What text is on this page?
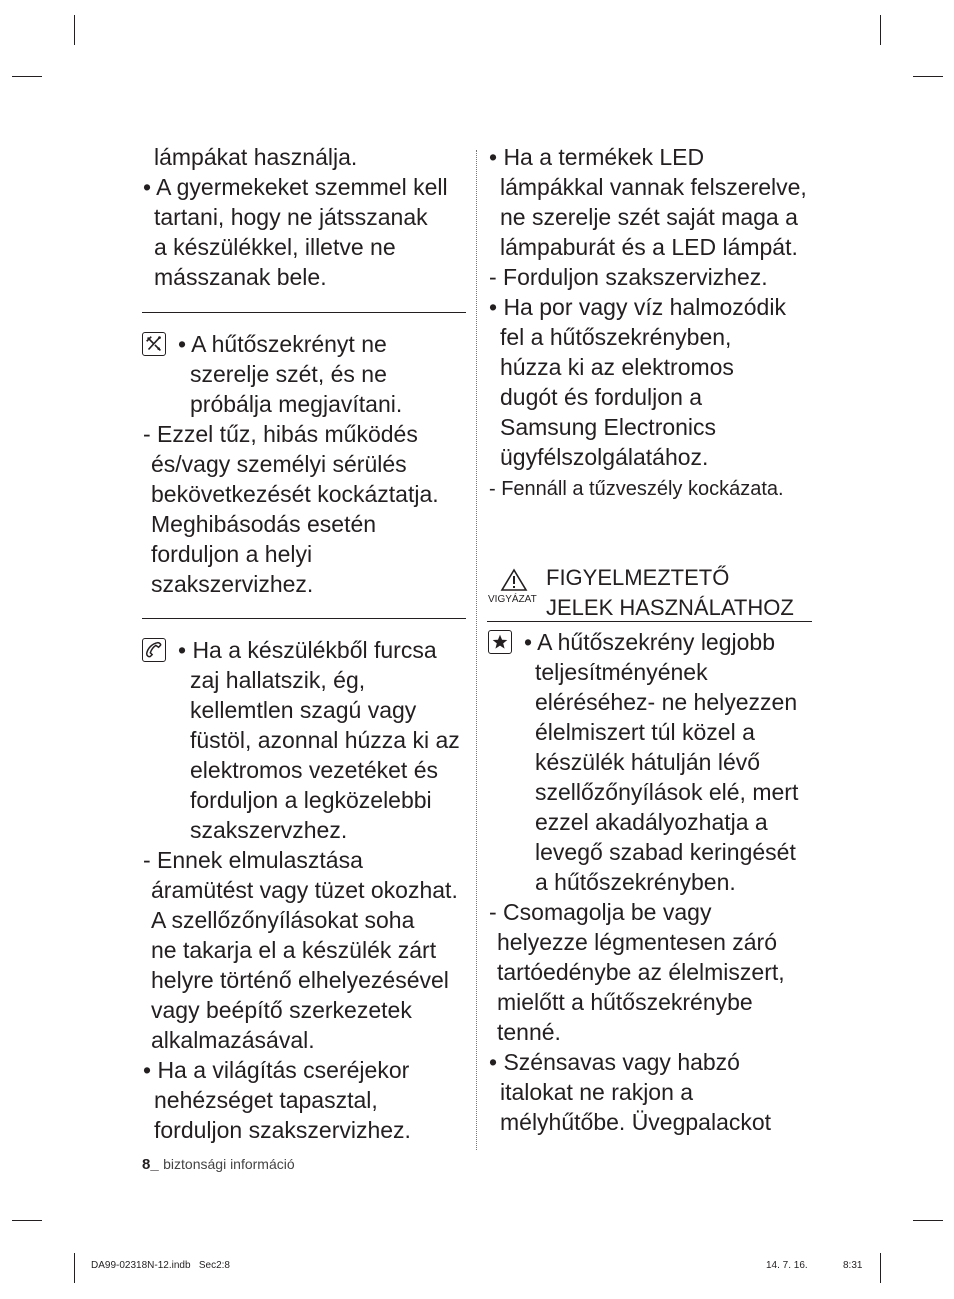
lámpákat használja.
• A gyermekeket szemmel kell
tartani, hogy ne játsszanak
a készülékkel, illetve ne
másszanak bele.
• A hűtőszekrényt ne
szerelje szét, és ne
próbálja megjavítani.
- Ezzel tűz, hibás működés
és/vagy személyi sérülés
bekövetkezését kockáztatja.
Meghibásodás esetén
forduljon a helyi
szakszervizhez.
• Ha a készülékből furcsa
zaj hallatszik, ég,
kellemtlen szagú vagy
füstöl, azonnal húzza ki az
elektromos vezetéket és
forduljon a legközelebbi
szakszervzhez.
- Ennek elmulasztása
áramütést vagy tüzet okozhat.
A szellőzőnyílásokat soha
ne takarja el a készülék zárt
helyre történő elhelyezésével
vagy beépítő szerkezetek
alkalmazásával.
• Ha a világítás cseréjekor
nehézséget tapasztal,
forduljon szakszervizhez.
• Ha a termékek LED
lámpákkal vannak felszerelve,
ne szerelje szét saját maga a
lámpaburát és a LED lámpát.
- Forduljon szakszervizhez.
• Ha por vagy víz halmozódik
fel a hűtőszekrényben,
húzza ki az elektromos
dugót és forduljon a
Samsung Electronics
ügyfélszolgálatához.
- Fennáll a tűzveszély kockázata.
VIGYÁZAT
FIGYELMEZTETŐ
JELEK HASZNÁLATHOZ
• A hűtőszekrény legjobb
teljesítményének
eléréséhez- ne helyezzen
élelmiszert túl közel a
készülék hátulján lévő
szellőzőnyílások elé, mert
ezzel akadályozhatja a
levegő szabad keringését
a hűtőszekrényben.
- Csomagolja be vagy
helyezze légmentesen záró
tartóedénybe az élelmiszert,
mielőtt a hűtőszekrénybe
tenné.
• Szénsavas vagy habzó
italokat ne rakjon a
mélyhűtőbe. Üvegpalackot
8_ biztonsági információ
DA99-02318N-12.indb   Sec2:8	14. 7. 16.	8:31
